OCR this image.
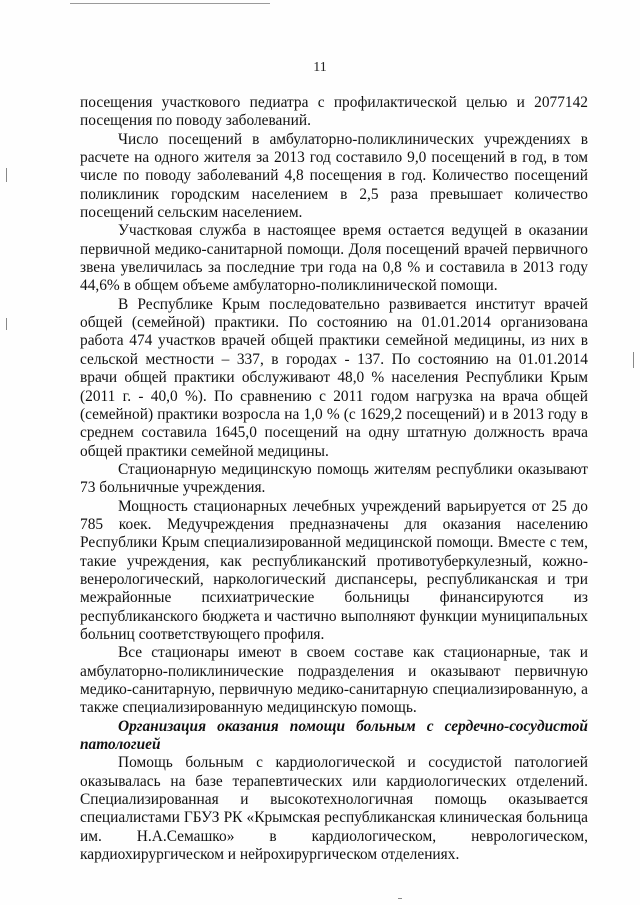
11

посещения участкового педиатра с профилактической целью и 2077142 посещения по поводу заболеваний.

Число посещений в амбулаторно-поликлинических учреждениях в расчете на одного жителя за 2013 год составило 9,0 посещений в год, в том числе по поводу заболеваний 4,8 посещения в год. Количество посещений поликлиник городским населением в 2,5 раза превышает количество посещений сельским населением.

Участковая служба в настоящее время остается ведущей в оказании первичной медико-санитарной помощи. Доля посещений врачей первичного звена увеличилась за последние три года на 0,8 % и составила в 2013 году 44,6% в общем объеме амбулаторно-поликлинической помощи.

В Республике Крым последовательно развивается институт врачей общей (семейной) практики. По состоянию на 01.01.2014 организована работа 474 участков врачей общей практики семейной медицины, из них в сельской местности – 337, в городах - 137. По состоянию на 01.01.2014 врачи общей практики обслуживают 48,0 % населения Республики Крым (2011 г. - 40,0 %). По сравнению с 2011 годом нагрузка на врача общей (семейной) практики возросла на 1,0 % (с 1629,2 посещений) и в 2013 году в среднем составила 1645,0 посещений на одну штатную должность врача общей практики семейной медицины.

Стационарную медицинскую помощь жителям республики оказывают 73 больничные учреждения.

Мощность стационарных лечебных учреждений варьируется от 25 до 785 коек. Медучреждения предназначены для оказания населению Республики Крым специализированной медицинской помощи. Вместе с тем, такие учреждения, как республиканский противотуберкулезный, кожно-венерологический, наркологический диспансеры, республиканская и три межрайонные психиатрические больницы финансируются из республиканского бюджета и частично выполняют функции муниципальных больниц соответствующего профиля.

Все стационары имеют в своем составе как стационарные, так и амбулаторно-поликлинические подразделения и оказывают первичную медико-санитарную, первичную медико-санитарную специализированную, а также специализированную медицинскую помощь.

Организация оказания помощи больным с сердечно-сосудистой патологией

Помощь больным с кардиологической и сосудистой патологией оказывалась на базе терапевтических или кардиологических отделений. Специализированная и высокотехнологичная помощь оказывается специалистами ГБУЗ РК «Крымская республиканская клиническая больница им. Н.А.Семашко» в кардиологическом, неврологическом, кардиохирургическом и нейрохирургическом отделениях.
